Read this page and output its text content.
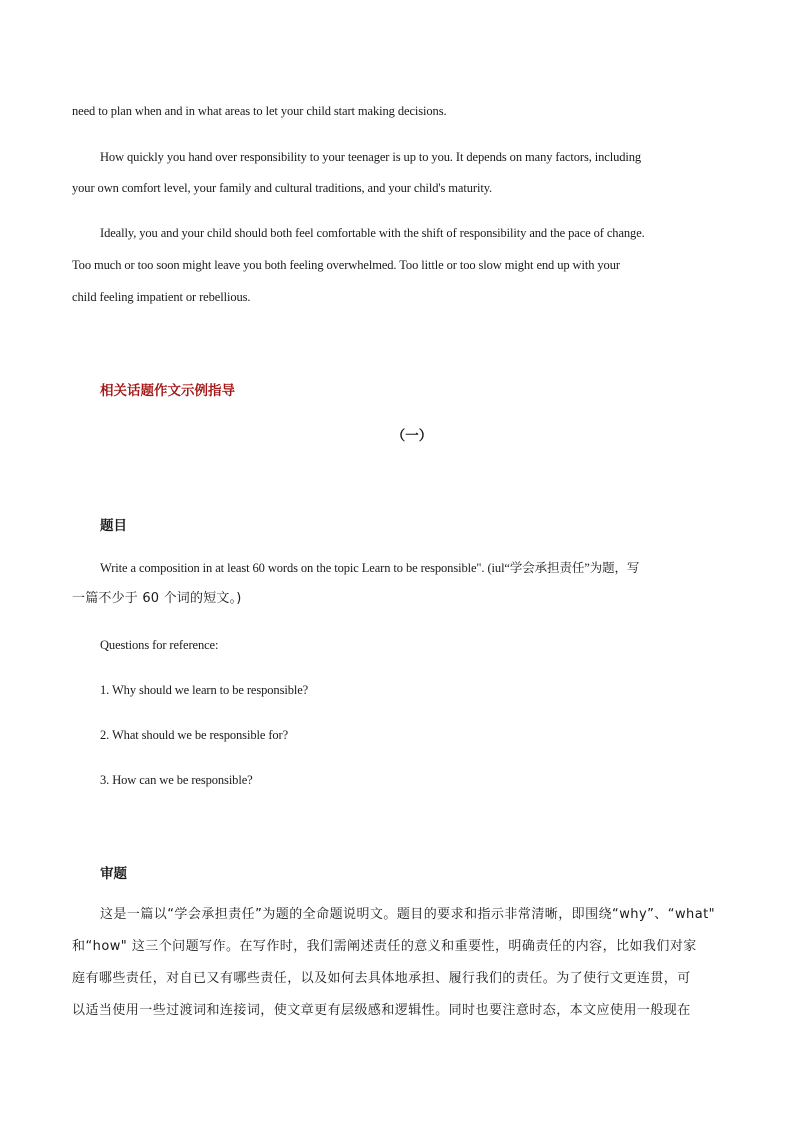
need to plan when and in what areas to let your child start making decisions.
How quickly you hand over responsibility to your teenager is up to you. It depends on many factors, including
your own comfort level, your family and cultural traditions, and your child's maturity.
Ideally, you and your child should both feel comfortable with the shift of responsibility and the pace of change.
Too much or too soon might leave you both feeling overwhelmed. Too little or too slow might end up with your
child feeling impatient or rebellious.
相关话题作文示例指导
（一）
题目
Write a composition in at least 60 words on the topic Learn to be responsible". (iul“学会承担责任”为题，写
一篇不少于 60 个词的短文。)
Questions for reference:
1. Why should we learn to be responsible?
2. What should we be responsible for?
3. How can we be responsible?
审题
这是一篇以“学会承担责任”为题的全命题说明文。题目的要求和指示非常清晰，即围绕“why”、“what"
和“how" 这三个问题写作。在写作时，我们需阐述责任的意义和重要性，明确责任的内容，比如我们对家
庭有哪些责任，对自已又有哪些责任，以及如何去具体地承担、履行我们的责任。为了使行文更连贯，可
以适当使用一些过渡词和连接词，使文章更有层级感和逻辑性。同时也要注意时态，本文应使用一般现在
